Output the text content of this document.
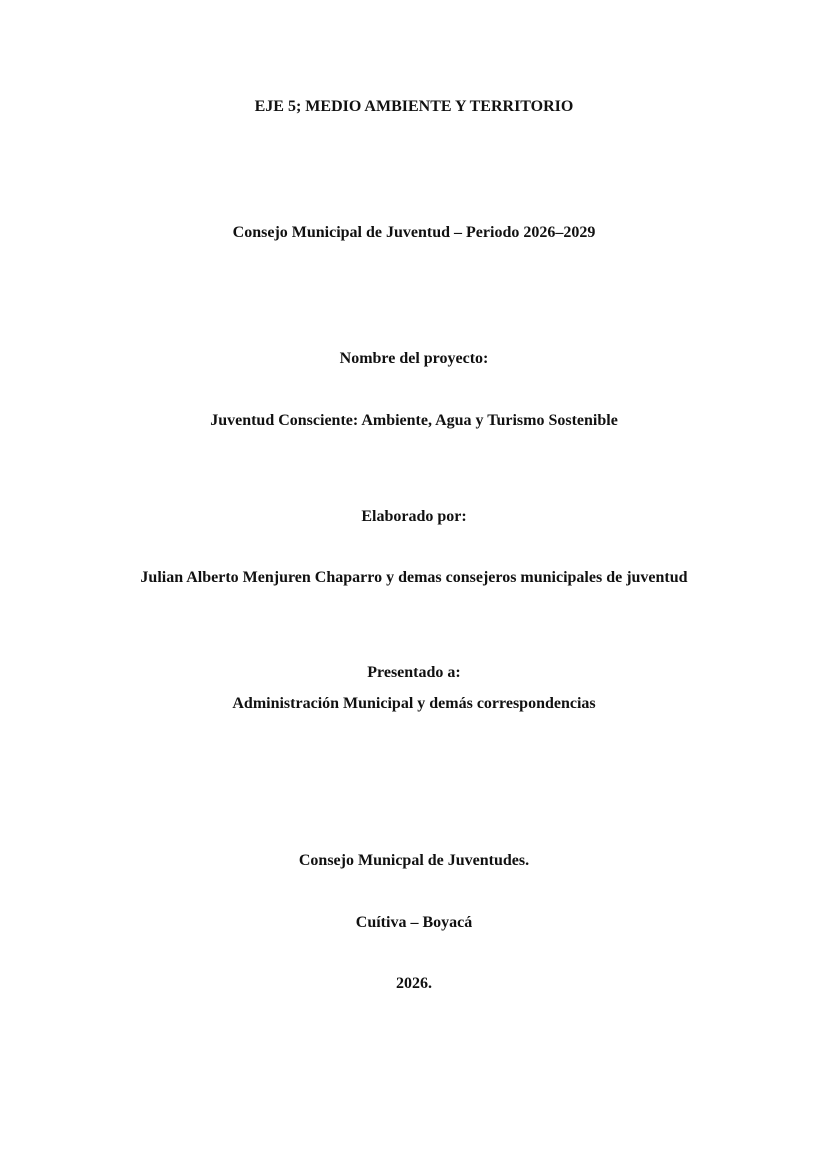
EJE 5; MEDIO AMBIENTE Y TERRITORIO
Consejo Municipal de Juventud – Periodo 2026–2029
Nombre del proyecto:
Juventud Consciente: Ambiente, Agua y Turismo Sostenible
Elaborado por:
Julian Alberto Menjuren Chaparro y demas consejeros municipales de juventud
Presentado a:
Administración Municipal y demás correspondencias
Consejo Municpal de Juventudes.
Cuítiva – Boyacá
2026.
